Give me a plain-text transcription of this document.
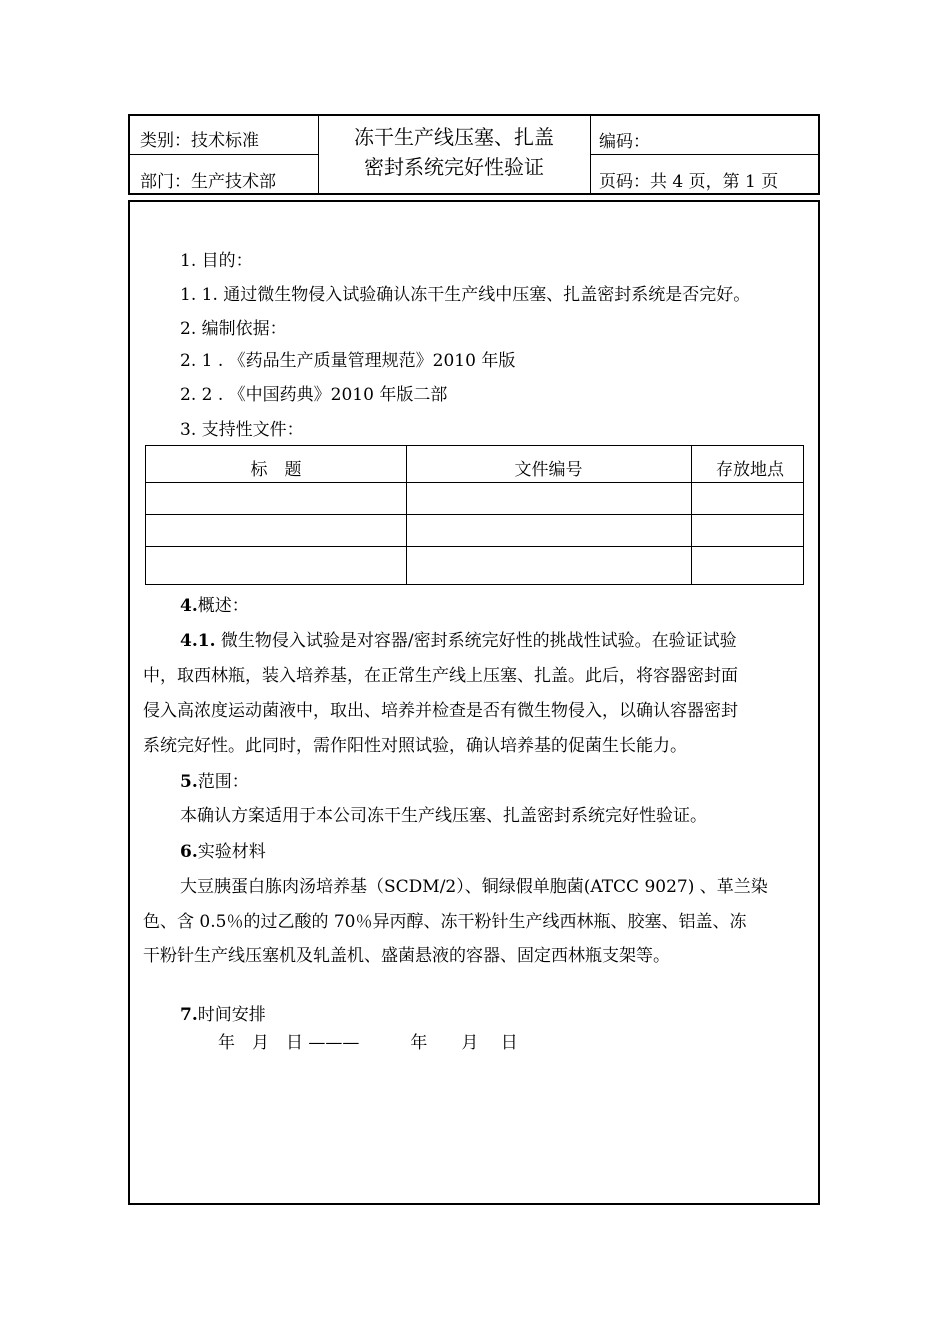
类别：技术标准
部门：生产技术部
冻干生产线压塞、扎盖
密封系统完好性验证
编码：
页码：共 4 页，第 1 页
1. 目的：
1. 1. 通过微生物侵入试验确认冻干生产线中压塞、扎盖密封系统是否完好。
2. 编制依据：
2. 1 . 《药品生产质量管理规范》2010 年版
2. 2 . 《中国药典》2010 年版二部
3. 支持性文件：
标　题	文件编号	存放地点
4.概述：
4.1. 微生物侵入试验是对容器/密封系统完好性的挑战性试验。在验证试验
中，取西林瓶，装入培养基，在正常生产线上压塞、扎盖。此后，将容器密封面
侵入高浓度运动菌液中，取出、培养并检查是否有微生物侵入，以确认容器密封
系统完好性。此同时，需作阳性对照试验，确认培养基的促菌生长能力。
5.范围：
本确认方案适用于本公司冻干生产线压塞、扎盖密封系统完好性验证。
6.实验材料
大豆胰蛋白胨肉汤培养基（SCDM/2）、铜绿假单胞菌(ATCC 9027) 、革兰染
色、含 0.5％的过乙酸的 70％异丙醇、冻干粉针生产线西林瓶、胶塞、铝盖、冻
干粉针生产线压塞机及轧盖机、盛菌悬液的容器、固定西林瓶支架等。
7.时间安排
年　月　日 ———　　　年　　月　 日
